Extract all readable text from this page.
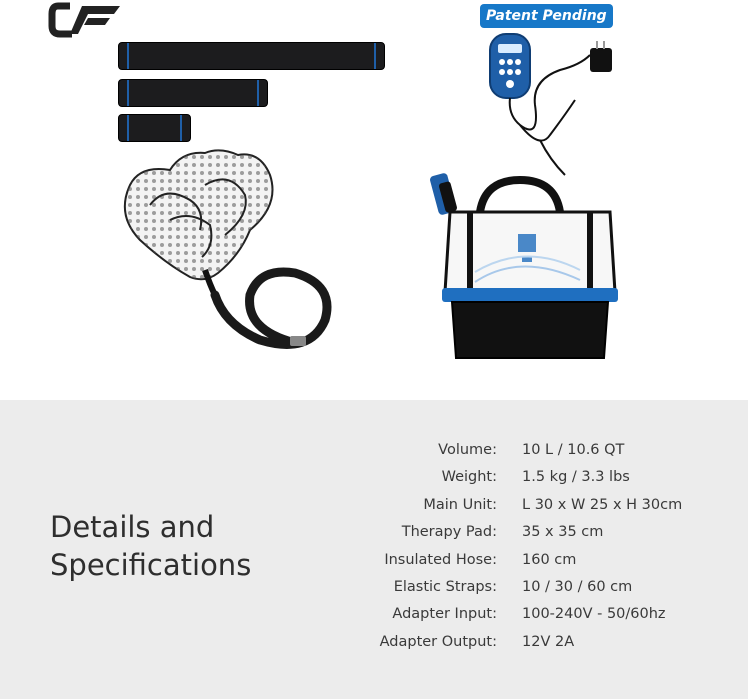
Patent Pending
Details and
Specifications
Volume: 10 L / 10.6 QT
Weight: 1.5 kg / 3.3 lbs
Main Unit: L 30 x W 25 x H 30cm
Therapy Pad: 35 x 35 cm
Insulated Hose: 160 cm
Elastic Straps: 10 / 30 / 60 cm
Adapter Input: 100-240V - 50/60hz
Adapter Output: 12V 2A
